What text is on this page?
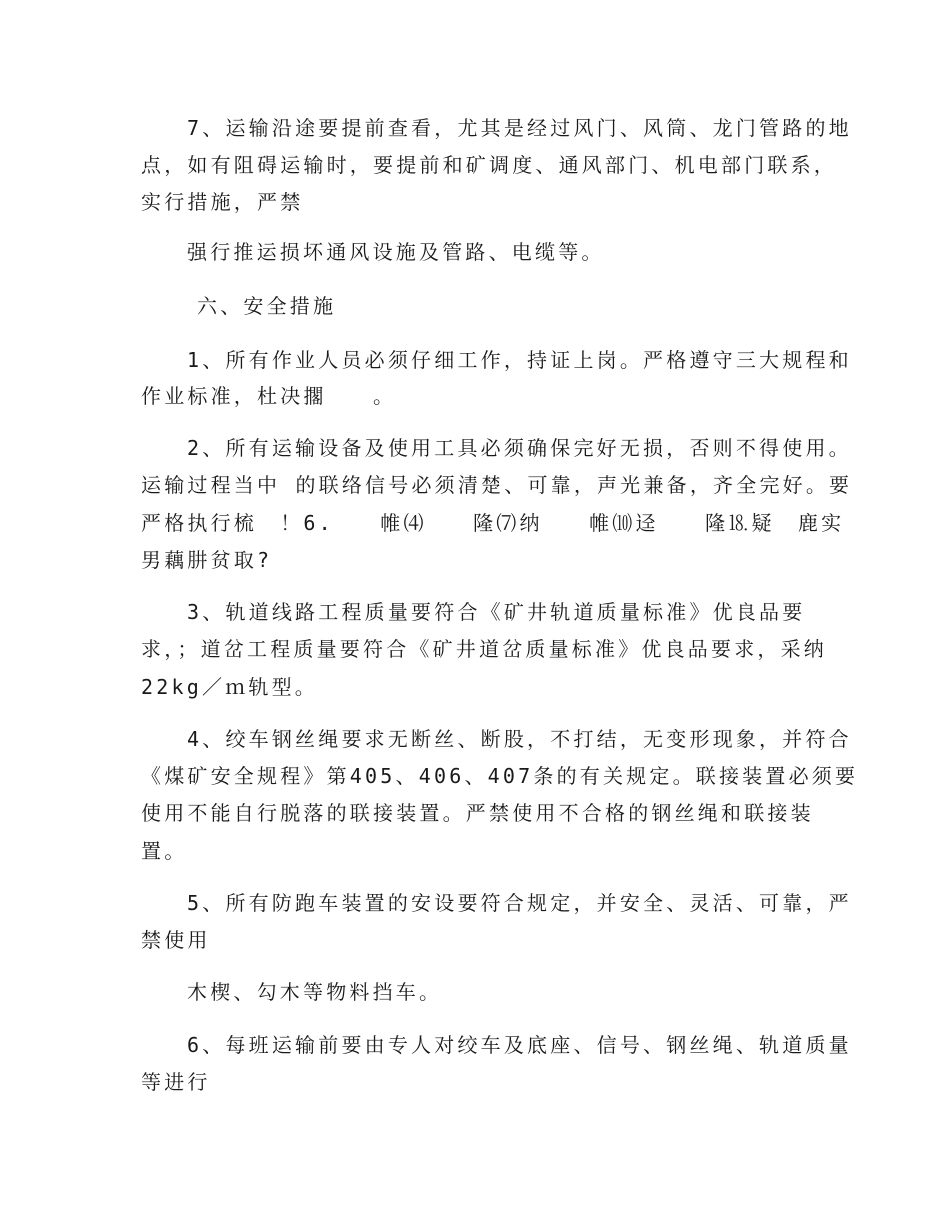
7、运输沿途要提前查看，尤其是经过风门、风筒、龙门管路的地

点，如有阻碍运输时，要提前和矿调度、通风部门、机电部门联系，

实行措施，严禁

强行推运损坏通风设施及管路、电缆等。

六、安全措施

1、所有作业人员必须仔细工作，持证上岗。严格遵守三大规程和

作业标准，杜决擱　　。

2、所有运输设备及使用工具必须确保完好无损，否则不得使用。

运输过程当中 的联络信号必须清楚、可靠，声光兼备，齐全完好。要

严格执行梳　！6.　　帷⑷　　隆⑺纳　　帷⑽迳　　隆⒙疑　鹿实

男藕肼贫取?

3、轨道线路工程质量要符合《矿井轨道质量标准》优良品要

求，；道岔工程质量要符合《矿井道岔质量标准》优良品要求，采纳

22kg／ｍ轨型。

4、绞车钢丝绳要求无断丝、断股，不打结，无变形现象，并符合

《煤矿安全规程》第405、406、407条的有关规定。联接装置必须要

使用不能自行脱落的联接装置。严禁使用不合格的钢丝绳和联接装

置。

5、所有防跑车装置的安设要符合规定，并安全、灵活、可靠，严

禁使用

木楔、勾木等物料挡车。

6、每班运输前要由专人对绞车及底座、信号、钢丝绳、轨道质量

等进行
